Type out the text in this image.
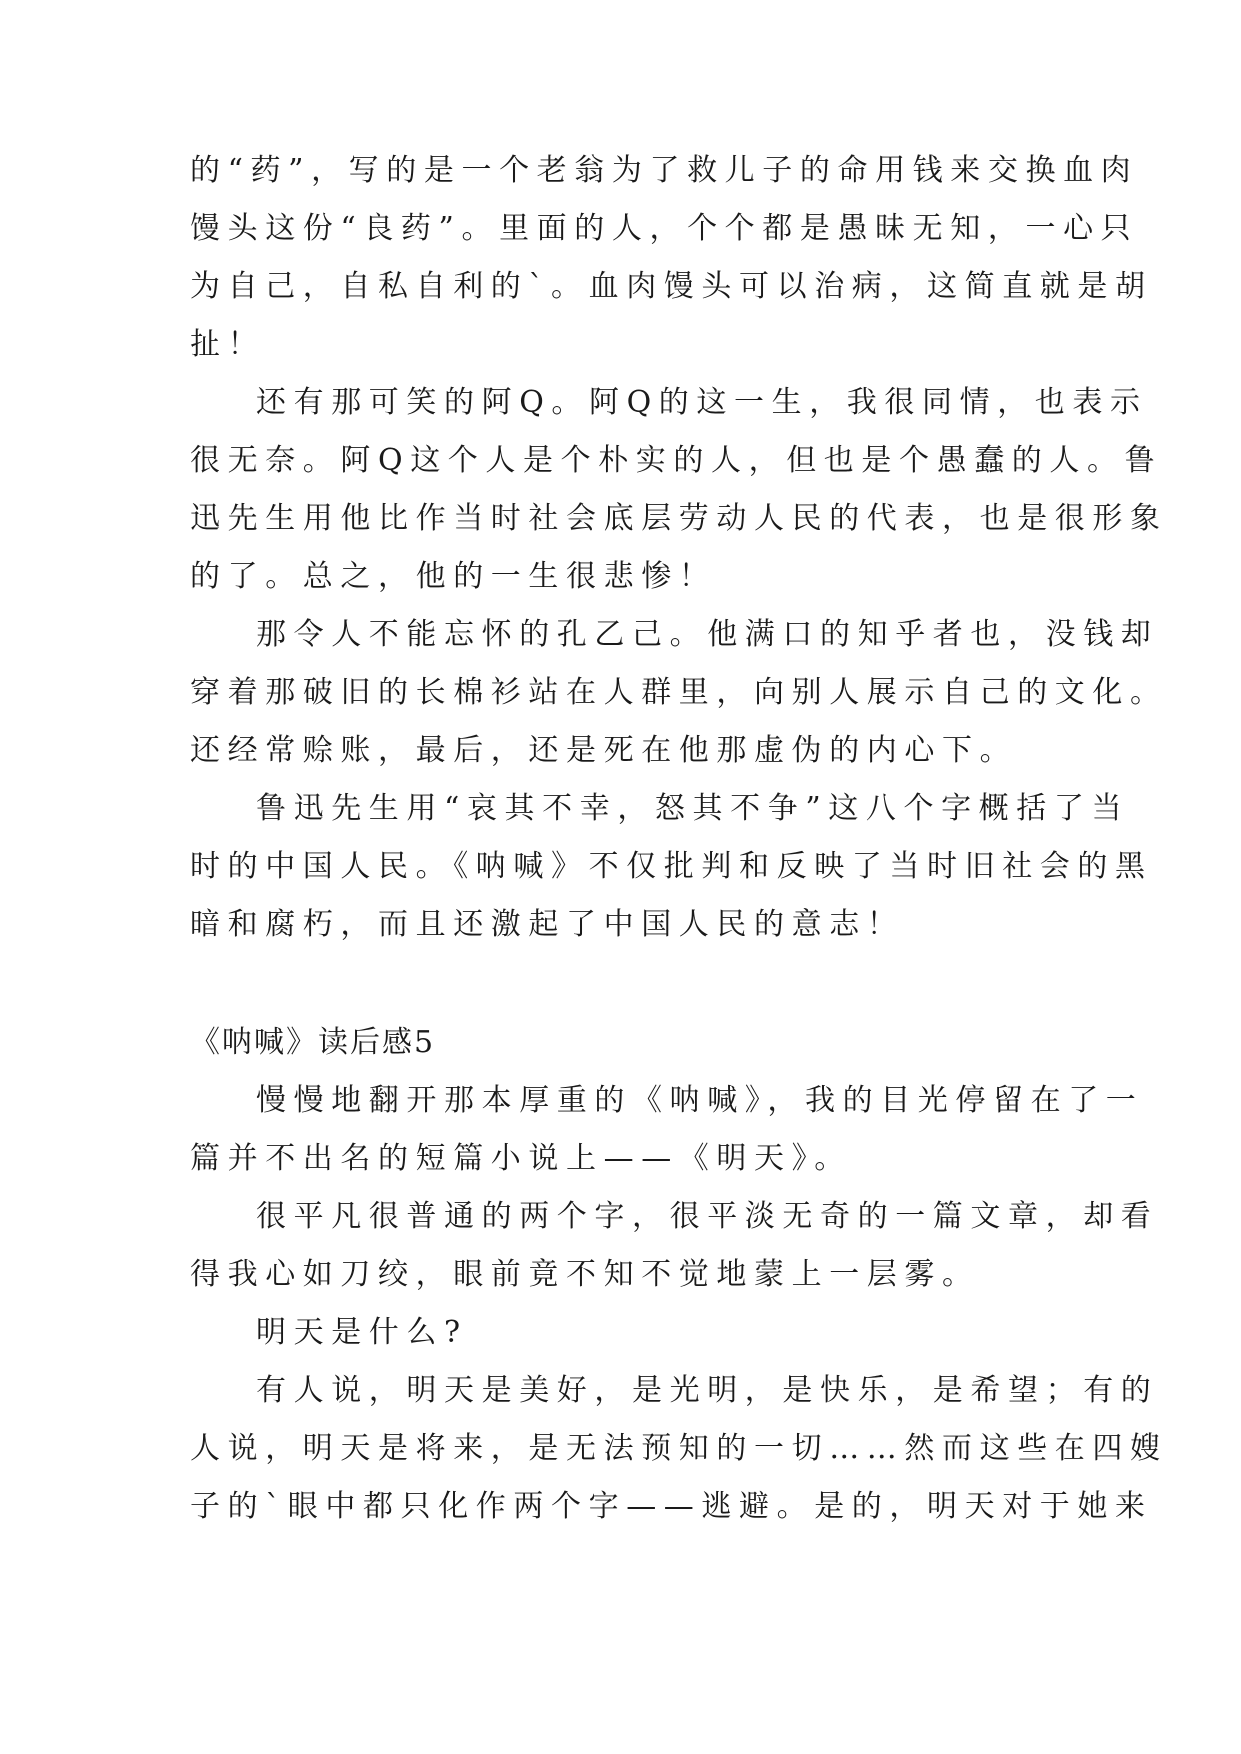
的“药”，写的是一个老翁为了救儿子的命用钱来交换血肉
馒头这份“良药”。里面的人，个个都是愚昧无知，一心只
为自己，自私自利的`。血肉馒头可以治病，这简直就是胡
扯！
还有那可笑的阿Q。阿Q的这一生，我很同情，也表示
很无奈。阿Q这个人是个朴实的人，但也是个愚蠢的人。鲁
迅先生用他比作当时社会底层劳动人民的代表，也是很形象
的了。总之，他的一生很悲惨！
那令人不能忘怀的孔乙己。他满口的知乎者也，没钱却
穿着那破旧的长棉衫站在人群里，向别人展示自己的文化。
还经常赊账，最后，还是死在他那虚伪的内心下。
鲁迅先生用“哀其不幸，怒其不争”这八个字概括了当
时的中国人民。《呐喊》不仅批判和反映了当时旧社会的黑
暗和腐朽，而且还激起了中国人民的意志！
《呐喊》读后感5
慢慢地翻开那本厚重的《呐喊》，我的目光停留在了一
篇并不出名的短篇小说上——《明天》。
很平凡很普通的两个字，很平淡无奇的一篇文章，却看
得我心如刀绞，眼前竟不知不觉地蒙上一层雾。
明天是什么?
有人说，明天是美好，是光明，是快乐，是希望；有的
人说，明天是将来，是无法预知的一切……然而这些在四嫂
子的`眼中都只化作两个字——逃避。是的，明天对于她来
